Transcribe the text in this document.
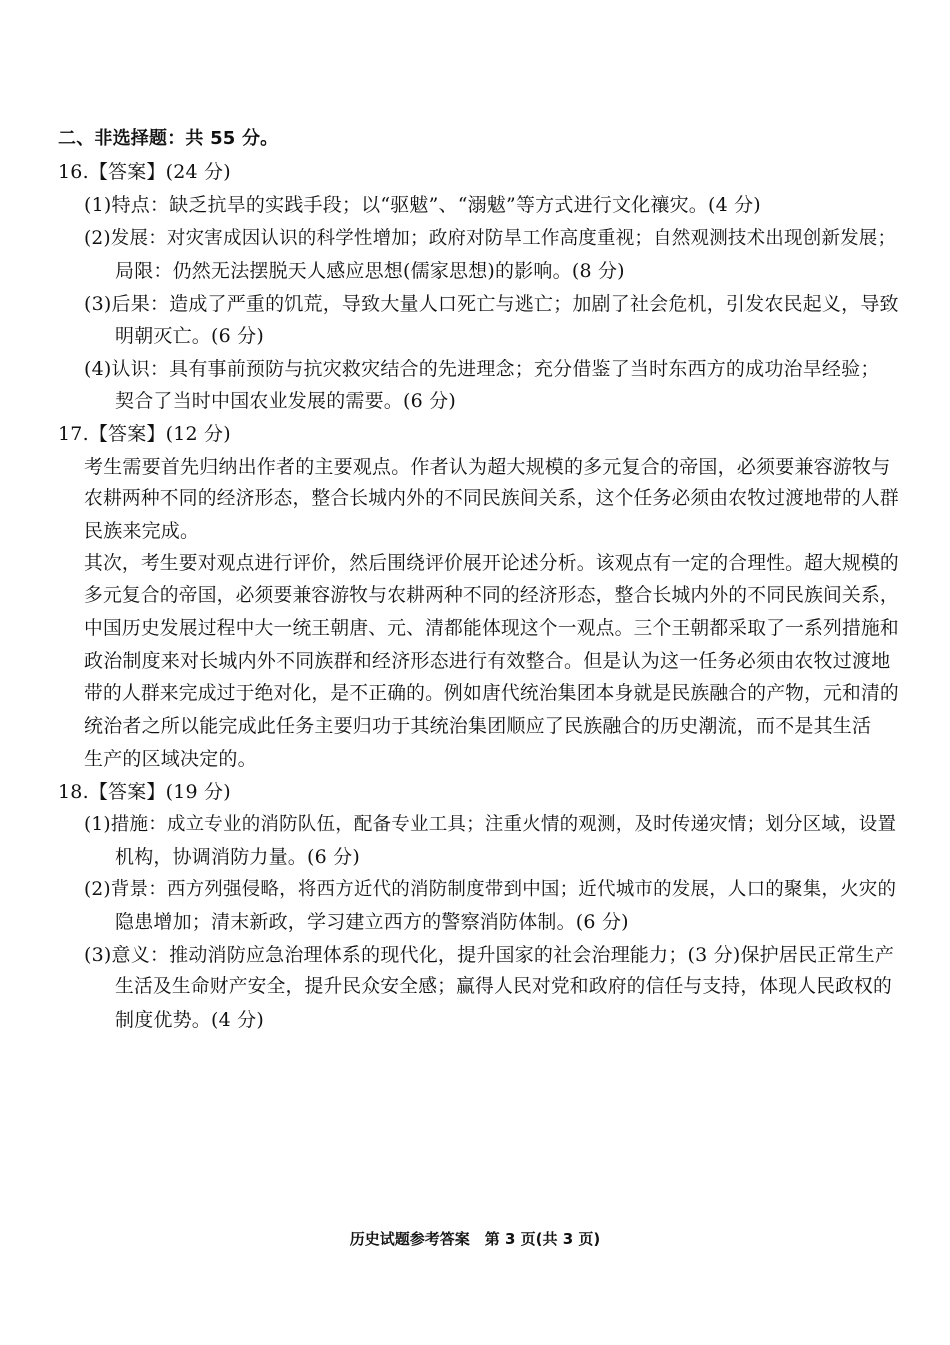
二、非选择题：共 55 分。
16.【答案】(24 分)
(1)特点：缺乏抗旱的实践手段；以“驱魃”、“溺魃”等方式进行文化禳灾。(4 分)
(2)发展：对灾害成因认识的科学性增加；政府对防旱工作高度重视；自然观测技术出现创新发展；
局限：仍然无法摆脱天人感应思想(儒家思想)的影响。(8 分)
(3)后果：造成了严重的饥荒，导致大量人口死亡与逃亡；加剧了社会危机，引发农民起义，导致
明朝灭亡。(6 分)
(4)认识：具有事前预防与抗灾救灾结合的先进理念；充分借鉴了当时东西方的成功治旱经验；
契合了当时中国农业发展的需要。(6 分)
17.【答案】(12 分)
考生需要首先归纳出作者的主要观点。作者认为超大规模的多元复合的帝国，必须要兼容游牧与
农耕两种不同的经济形态，整合长城内外的不同民族间关系，这个任务必须由农牧过渡地带的人群
民族来完成。
其次，考生要对观点进行评价，然后围绕评价展开论述分析。该观点有一定的合理性。超大规模的
多元复合的帝国，必须要兼容游牧与农耕两种不同的经济形态，整合长城内外的不同民族间关系，
中国历史发展过程中大一统王朝唐、元、清都能体现这个一观点。三个王朝都采取了一系列措施和
政治制度来对长城内外不同族群和经济形态进行有效整合。但是认为这一任务必须由农牧过渡地
带的人群来完成过于绝对化，是不正确的。例如唐代统治集团本身就是民族融合的产物，元和清的
统治者之所以能完成此任务主要归功于其统治集团顺应了民族融合的历史潮流，而不是其生活
生产的区域决定的。
18.【答案】(19 分)
(1)措施：成立专业的消防队伍，配备专业工具；注重火情的观测，及时传递灾情；划分区域，设置
机构，协调消防力量。(6 分)
(2)背景：西方列强侵略，将西方近代的消防制度带到中国；近代城市的发展，人口的聚集，火灾的
隐患增加；清末新政，学习建立西方的警察消防体制。(6 分)
(3)意义：推动消防应急治理体系的现代化，提升国家的社会治理能力；(3 分)保护居民正常生产
生活及生命财产安全，提升民众安全感；赢得人民对党和政府的信任与支持，体现人民政权的
制度优势。(4 分)
历史试题参考答案　第 3 页(共 3 页)
